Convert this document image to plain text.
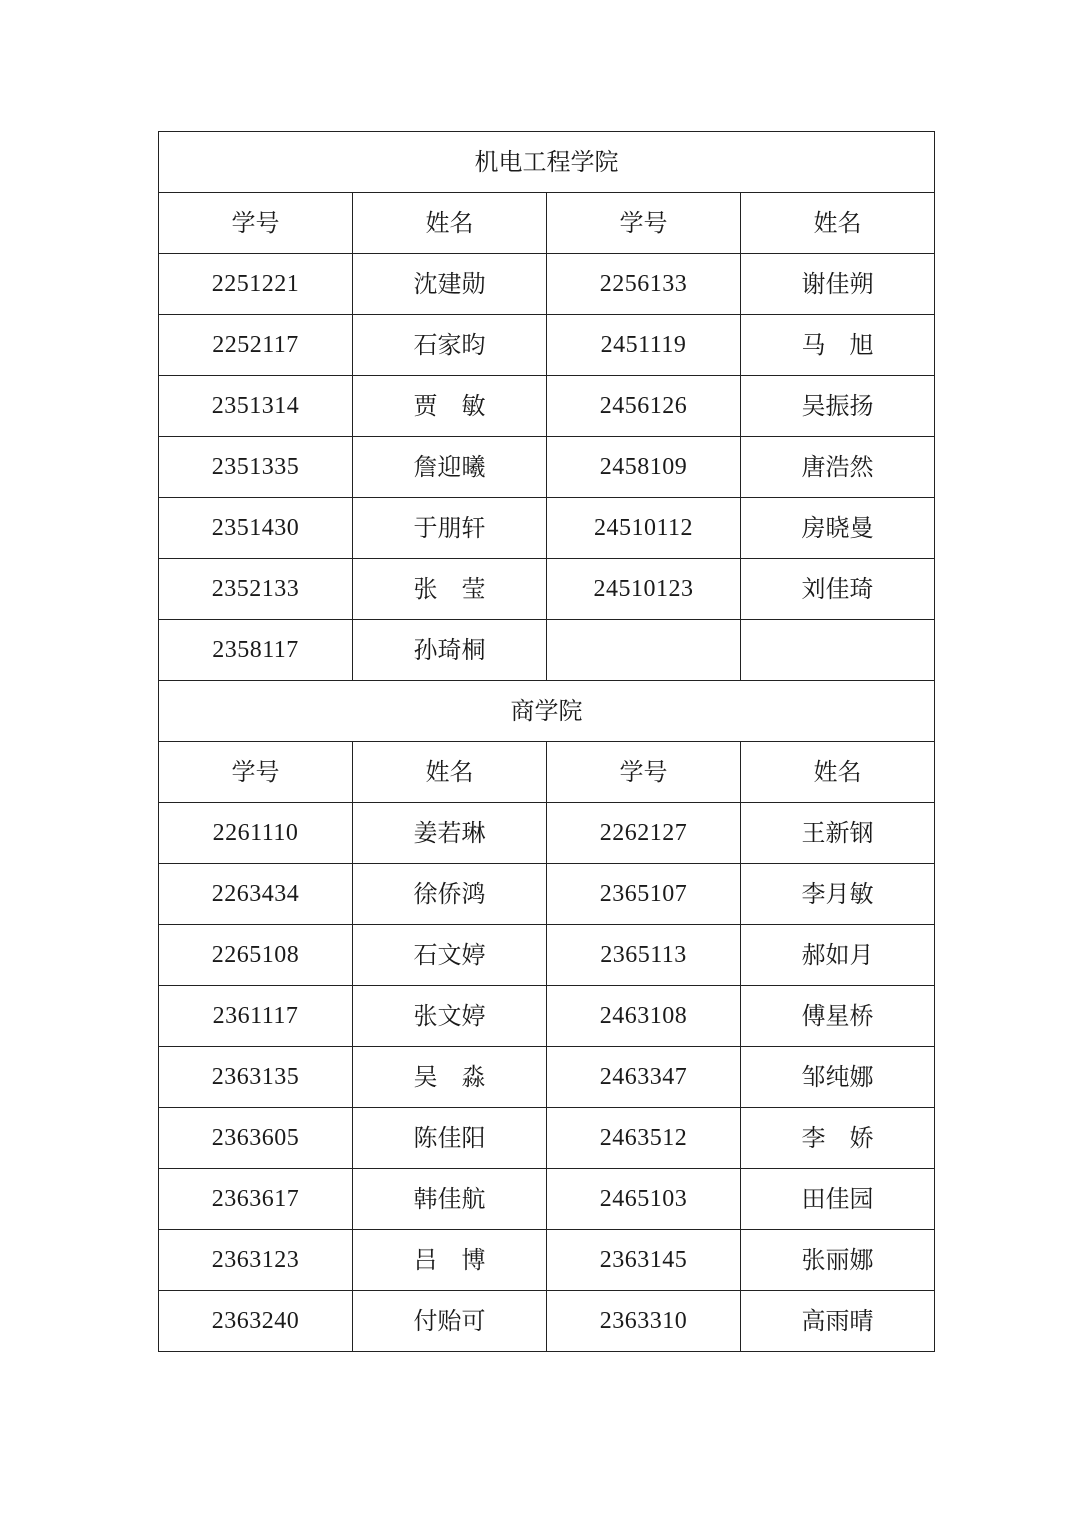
机电工程学院			
学号	姓名	学号	姓名
2251221	沈建勋	2256133	谢佳朔
2252117	石家昀	2451119	马　旭
2351314	贾　敏	2456126	吴振扬
2351335	詹迎曦	2458109	唐浩然
2351430	于朋轩	24510112	房晓曼
2352133	张　莹	24510123	刘佳琦
2358117	孙琦桐		
商学院			
学号	姓名	学号	姓名
2261110	姜若琳	2262127	王新钢
2263434	徐侨鸿	2365107	李月敏
2265108	石文婷	2365113	郝如月
2361117	张文婷	2463108	傅星桥
2363135	吴　淼	2463347	邹纯娜
2363605	陈佳阳	2463512	李　娇
2363617	韩佳航	2465103	田佳园
2363123	吕　博	2363145	张丽娜
2363240	付贻可	2363310	高雨晴
